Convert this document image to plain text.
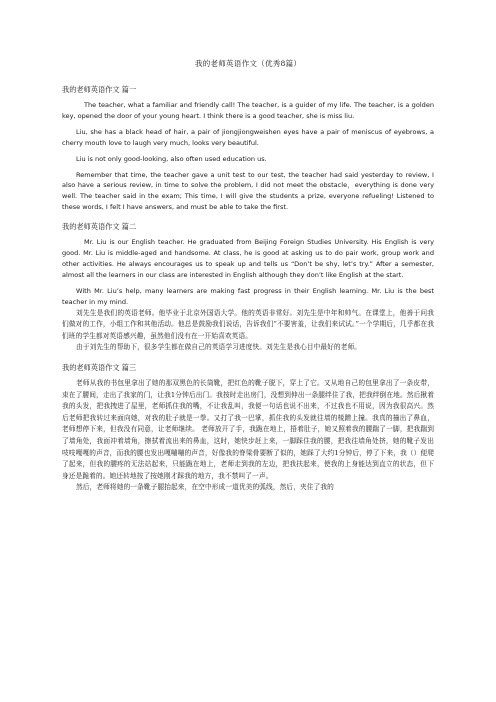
我的老师英语作文（优秀8篇）

我的老师英语作文 篇一

The teacher, what a familiar and friendly call! The teacher, is a guider of my life. The teacher, is a golden key, opened the door of your young heart. I think there is a good teacher, she is miss liu.

Liu, she has a black head of hair, a pair of jiongjiongweishen eyes have a pair of meniscus of eyebrows, a cherry mouth love to laugh very much, looks very beautiful.

Liu is not only good-looking, also often used education us.

Remember that time, the teacher gave a unit test to our test, the teacher had said yesterday to review, I also have a serious review, in time to solve the problem, I did not meet the obstacle，everything is done very well. The teacher said in the exam; This time, I will give the students a prize, everyone refueling! Listened to these words, I felt I have answers, and must be able to take the first.

我的老师英语作文 篇二

Mr. Liu is our English teacher. He graduated from Beijing Foreign Studies University. His English is very good. Mr. Liu is middle-aged and handsome. At class, he is good at asking us to do pair work, group work and other activities. He always encourages us to speak up and tells us “Don’t be shy, let’s try.” After a semester, almost all the learners in our class are interested in English although they don’t like English at the start.

With Mr. Liu’s help, many learners are making fast progress in their English learning. Mr. Liu is the best teacher in my mind.

刘先生是我们的英语老师。他毕业于北京外国语大学。他的英语非常好。刘先生是中年和帅气。在课堂上，他善于问我们做对的工作，小组工作和其他活动。他总是鼓励我们说话，告诉我们“不要害羞，让我们来试试。”一个学期后，几乎都在我们班的学生都对英语感兴趣，虽然他们没有在一开始喜欢英语。

由于刘先生的帮助下，很多学生都在做自己的英语学习进度快。刘先生是我心目中最好的老师。

我的老师英语作文 篇三

老师从我的书包里拿出了她的那双黑色的长筒靴，把红色的靴子脱下，穿上了它。又从地自己的包里拿出了一条皮带，束在了腰间，走出了我家的门，让我1分钟后出门。我按时走出房门，没想到伸出一条腿绊住了我，把我绊倒在地。然后揪着我的头发，把我拽进了屋里，老师抓住我的嘴，不让我乱叫，我便一句话也说不出来，不过我也不用说，因为我很高兴。然后老师把我转过来面向她，对我的肚子就是一拳。又打了我一巴掌，抓住我的头发就往墙的棱蹭上撞。我真的撞出了鼻血，老师想停下来，但我没有同意，让老师继续。 老师放开了手，我跪在地上，捂着肚子，她又照着我的腰踹了一脚，把我踹到了墙角处，我面冲着墙角，擦拭着流出来的鼻血，这时，她快步赶上来，一脚踩住我的腰，把我往墙角处挤，她的靴子发出吱吱嘎嘎的声音，而我的腰也发出嘎嘣嘣的声音，好像我的脊梁骨要断了似的，她踩了大约1分钟后，停了下来，我（）便爬了起来，但我的腰疼的无法站起来，只能跪在地上，老师走到我的左边，把我扶起来，使我的上身能达到直立的状态，但下身还是跪着的。她还转地按了按她刚才踩我的地方，我不禁叫了一声。

然后，老师将她的一条靴子腿抬起来，在空中形成一道优美的弧线，然后，夹住了我的
